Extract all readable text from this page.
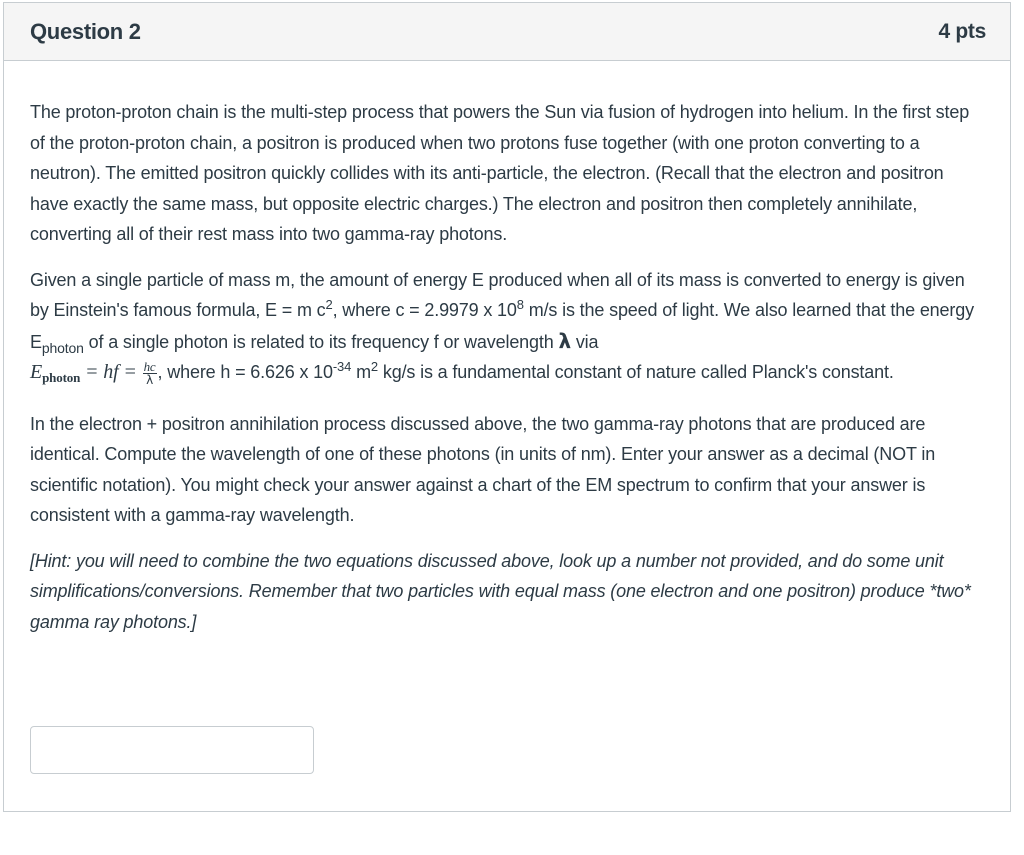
Question 2	4 pts

The proton-proton chain is the multi-step process that powers the Sun via fusion of hydrogen into helium. In the first step of the proton-proton chain, a positron is produced when two protons fuse together (with one proton converting to a neutron). The emitted positron quickly collides with its anti-particle, the electron. (Recall that the electron and positron have exactly the same mass, but opposite electric charges.) The electron and positron then completely annihilate, converting all of their rest mass into two gamma-ray photons.

Given a single particle of mass m, the amount of energy E produced when all of its mass is converted to energy is given by Einstein's famous formula, E = m $c^2$, where c = 2.9979 x $10^8$ m/s is the speed of light. We also learned that the energy $E_{photon}$ of a single photon is related to its frequency f or wavelength λ via
$E_{photon}$ = hf = $\frac{hc}{\lambda}$ , where h = 6.626 x $10^{-34}$ $m^2$ kg/s is a fundamental constant of nature called Planck's constant.

In the electron + positron annihilation process discussed above, the two gamma-ray photons that are produced are identical. Compute the wavelength of one of these photons (in units of nm). Enter your answer as a decimal (NOT in scientific notation). You might check your answer against a chart of the EM spectrum to confirm that your answer is consistent with a gamma-ray wavelength.

[Hint: you will need to combine the two equations discussed above, look up a number not provided, and do some unit simplifications/conversions. Remember that two particles with equal mass (one electron and one positron) produce *two* gamma ray photons.]
